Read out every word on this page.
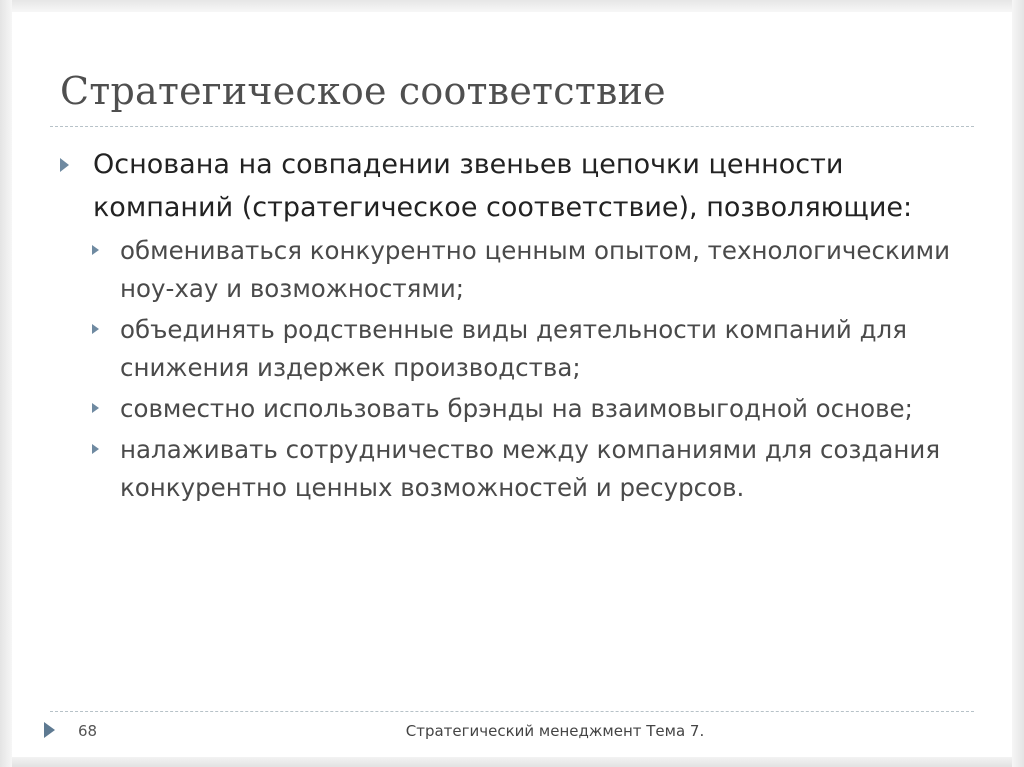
Стратегическое соответствие
Основана на совпадении звеньев цепочки ценности компаний (стратегическое соответствие), позволяющие:
обмениваться конкурентно ценным опытом, технологическими ноу-хау и возможностями;
объединять родственные виды деятельности компаний для снижения издержек производства;
совместно использовать брэнды на взаимовыгодной основе;
налаживать сотрудничество между компаниями для создания конкурентно ценных возможностей и ресурсов.
68	Стратегический менеджмент Тема 7.
